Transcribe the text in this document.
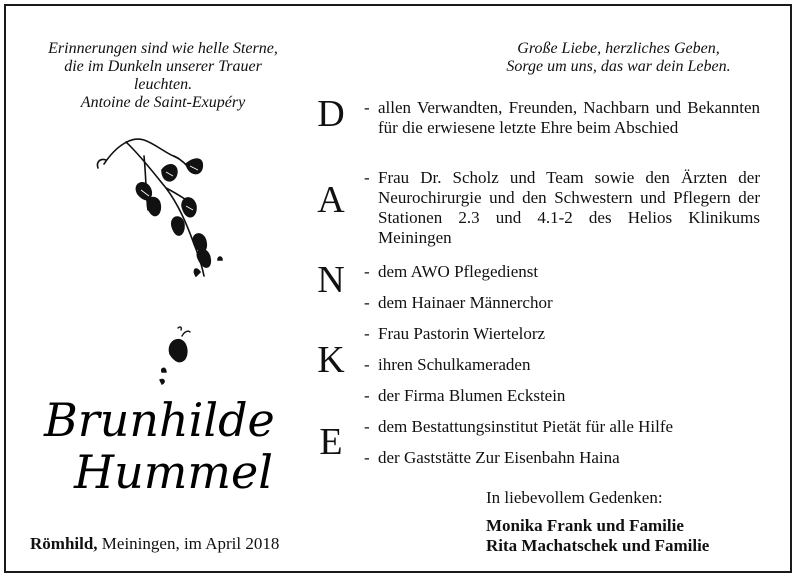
Erinnerungen sind wie helle Sterne,
die im Dunkeln unserer Trauer
leuchten.
Antoine de Saint-Exupéry
Große Liebe, herzliches Geben,
Sorge um uns, das war dein Leben.
Brunhilde
Hummel
Römhild, Meiningen, im April 2018
D
A
N
K
E
- allen Verwandten, Freunden, Nachbarn und Bekannten für die erwiesene letzte Ehre beim Abschied
- Frau Dr. Scholz und Team sowie den Ärzten der Neurochirurgie und den Schwestern und Pflegern der Stationen 2.3 und 4.1-2 des Helios Klinikums Meiningen
- dem AWO Pflegedienst
- dem Hainaer Männerchor
- Frau Pastorin Wiertelorz
- ihren Schulkameraden
- der Firma Blumen Eckstein
- dem Bestattungsinstitut Pietät für alle Hilfe
- der Gaststätte Zur Eisenbahn Haina
In liebevollem Gedenken:
Monika Frank und Familie
Rita Machatschek und Familie
